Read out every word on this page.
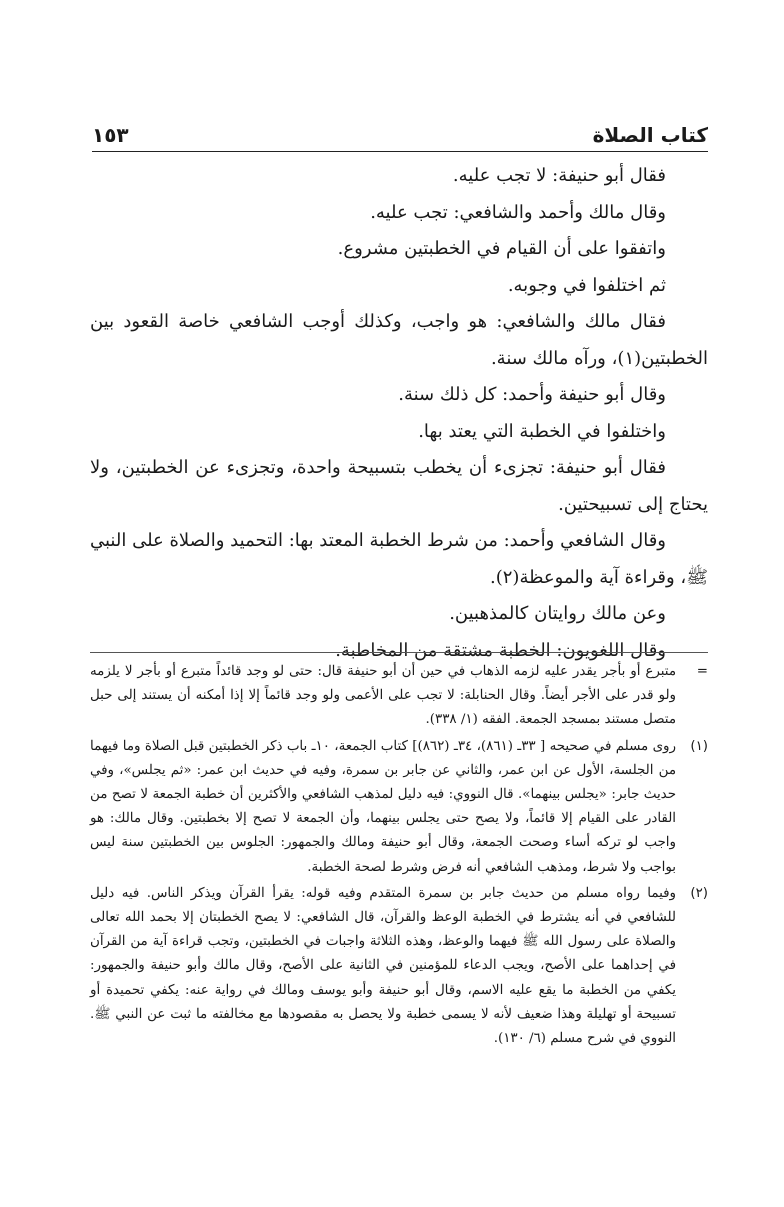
كتاب الصلاة
١٥٣

فقال أبو حنيفة: لا تجب عليه.

وقال مالك وأحمد والشافعي: تجب عليه.

واتفقوا على أن القيام في الخطبتين مشروع.

ثم اختلفوا في وجوبه.

فقال مالك والشافعي: هو واجب، وكذلك أوجب الشافعي خاصة القعود بين الخطبتين(١)، ورآه مالك سنة.

وقال أبو حنيفة وأحمد: كل ذلك سنة.

واختلفوا في الخطبة التي يعتد بها.

فقال أبو حنيفة: تجزىء أن يخطب بتسبيحة واحدة، وتجزىء عن الخطبتين، ولا يحتاج إلى تسبيحتين.

وقال الشافعي وأحمد: من شرط الخطبة المعتد بها: التحميد والصلاة على النبي ﷺ، وقراءة آية والموعظة(٢).

وعن مالك روايتان كالمذهبين.

وقال اللغويون: الخطبة مشتقة من المخاطبة.

=
متبرع أو بأجر يقدر عليه لزمه الذهاب في حين أن أبو حنيفة قال: حتى لو وجد قائداً متبرع أو بأجر لا يلزمه ولو قدر على الأجر أيضاً. وقال الحنابلة: لا تجب على الأعمى ولو وجد قائماً إلا إذا أمكنه أن يستند إلى حبل متصل مستند بمسجد الجمعة. الفقه (١/ ٣٣٨).
(١)
روى مسلم في صحيحه [ ٣٣ـ (٨٦١)، ٣٤ـ (٨٦٢)] كتاب الجمعة، ١٠ـ باب ذكر الخطبتين قبل الصلاة وما فيهما من الجلسة، الأول عن ابن عمر، والثاني عن جابر بن سمرة، وفيه في حديث ابن عمر: «ثم يجلس»، وفي حديث جابر: «يجلس بينهما». قال النووي: فيه دليل لمذهب الشافعي والأكثرين أن خطبة الجمعة لا تصح من القادر على القيام إلا قائماً، ولا يصح حتى يجلس بينهما، وأن الجمعة لا تصح إلا بخطبتين. وقال مالك: هو واجب لو تركه أساء وصحت الجمعة، وقال أبو حنيفة ومالك والجمهور: الجلوس بين الخطبتين سنة ليس بواجب ولا شرط، ومذهب الشافعي أنه فرض وشرط لصحة الخطبة.
(٢)
وفيما رواه مسلم من حديث جابر بن سمرة المتقدم وفيه قوله: يقرأ القرآن ويذكر الناس. فيه دليل للشافعي في أنه يشترط في الخطبة الوعظ والقرآن، قال الشافعي: لا يصح الخطبتان إلا بحمد الله تعالى والصلاة على رسول الله ﷺ فيهما والوعظ، وهذه الثلاثة واجبات في الخطبتين، وتجب قراءة آية من القرآن في إحداهما على الأصح، ويجب الدعاء للمؤمنين في الثانية على الأصح، وقال مالك وأبو حنيفة والجمهور: يكفي من الخطبة ما يقع عليه الاسم، وقال أبو حنيفة وأبو يوسف ومالك في رواية عنه: يكفي تحميدة أو تسبيحة أو تهليلة وهذا ضعيف لأنه لا يسمى خطبة ولا يحصل به مقصودها مع مخالفته ما ثبت عن النبي ﷺ. النووي في شرح مسلم (٦/ ١٣٠).
